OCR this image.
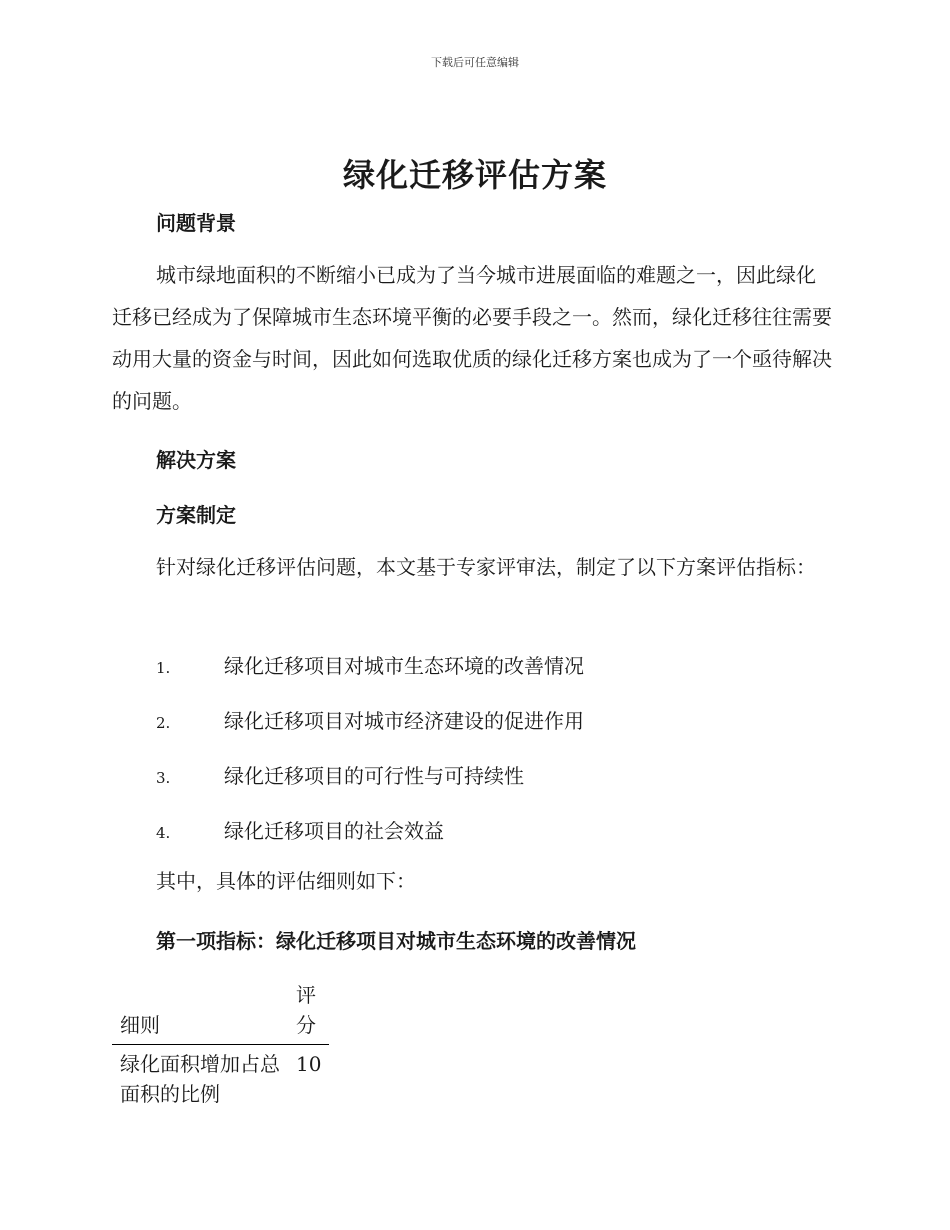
下载后可任意编辑
绿化迁移评估方案
问题背景

城市绿地面积的不断缩小已成为了当今城市进展面临的难题之一，因此绿化迁移已经成为了保障城市生态环境平衡的必要手段之一。然而，绿化迁移往往需要动用大量的资金与时间，因此如何选取优质的绿化迁移方案也成为了一个亟待解决的问题。

解决方案
方案制定

针对绿化迁移评估问题，本文基于专家评审法，制定了以下方案评估指标：

1.	绿化迁移项目对城市生态环境的改善情况
2.	绿化迁移项目对城市经济建设的促进作用
3.	绿化迁移项目的可行性与可持续性
4.	绿化迁移项目的社会效益

其中，具体的评估细则如下：

第一项指标：绿化迁移项目对城市生态环境的改善情况
细则	评分
绿化面积增加占总面积的比例	10
